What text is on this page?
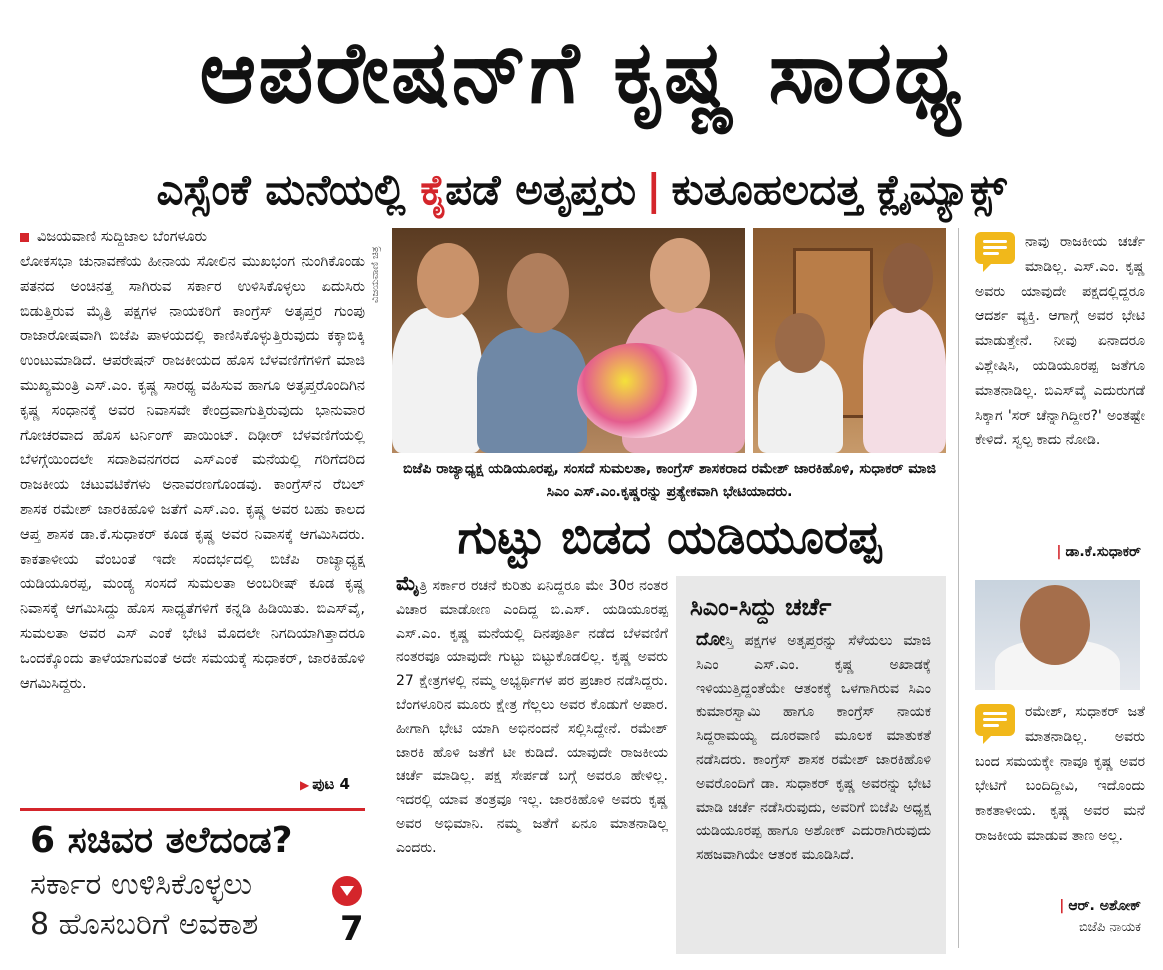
ಆಪರೇಷನ್‌ಗೆ ಕೃಷ್ಣ ಸಾರಥ್ಯ
ಎಸ್ಸೆಂಕೆ ಮನೆಯಲ್ಲಿ ಕೈಪಡೆ ಅತೃಪ್ತರು | ಕುತೂಹಲದತ್ತ ಕ್ಲೈಮ್ಯಾಕ್ಸ್
ವಿಜಯವಾಣಿ ಸುದ್ದಿಜಾಲ ಬೆಂಗಳೂರು

ಲೋಕಸಭಾ ಚುನಾವಣೆಯ ಹೀನಾಯ ಸೋಲಿನ ಮುಖಭಂಗ ನುಂಗಿಕೊಂಡು ಪತನದ ಅಂಚಿನತ್ತ ಸಾಗಿರುವ ಸರ್ಕಾರ ಉಳಿಸಿಕೊಳ್ಳಲು ಏದುಸಿರು ಬಿಡುತ್ತಿರುವ ಮೈತ್ರಿ ಪಕ್ಷಗಳ ನಾಯಕರಿಗೆ ಕಾಂಗ್ರೆಸ್ ಅತೃಪ್ತರ ಗುಂಪು ರಾಜಾರೋಷವಾಗಿ ಬಿಜೆಪಿ ಪಾಳಯದಲ್ಲಿ ಕಾಣಿಸಿಕೊಳ್ಳುತ್ತಿರುವುದು ಕಕ್ಕಾಬಿಕ್ಕಿ ಉಂಟುಮಾಡಿದೆ. ಆಪರೇಷನ್ ರಾಜಕೀಯದ ಹೊಸ ಬೆಳವಣಿಗೆಗಳಿಗೆ ಮಾಜಿ ಮುಖ್ಯಮಂತ್ರಿ ಎಸ್.ಎಂ. ಕೃಷ್ಣ ಸಾರಥ್ಯ ವಹಿಸುವ ಹಾಗೂ ಅತೃಪ್ತರೊಂದಿಗಿನ ಕೃಷ್ಣ ಸಂಧಾನಕ್ಕೆ ಅವರ ನಿವಾಸವೇ ಕೇಂದ್ರವಾಗುತ್ತಿರುವುದು ಭಾನುವಾರ ಗೋಚರವಾದ ಹೊಸ ಟರ್ನಿಂಗ್ ಪಾಯಿಂಟ್. ದಿಢೀರ್ ಬೆಳವಣಿಗೆಯಲ್ಲಿ ಬೆಳಗ್ಗೆಯಿಂದಲೇ ಸದಾಶಿವನಗರದ ಎಸ್‌ಎಂಕೆ ಮನೆಯಲ್ಲಿ ಗರಿಗೆದರಿದ ರಾಜಕೀಯ ಚಟುವಟಿಕೆಗಳು ಅನಾವರಣಗೊಂಡವು. ಕಾಂಗ್ರೆಸ್‌ನ ರೆಬಲ್ ಶಾಸಕ ರಮೇಶ್ ಜಾರಕಿಹೊಳಿ ಜತೆಗೆ ಎಸ್.ಎಂ. ಕೃಷ್ಣ ಅವರ ಬಹು ಕಾಲದ ಆಪ್ತ ಶಾಸಕ ಡಾ.ಕೆ.ಸುಧಾಕರ್ ಕೂಡ ಕೃಷ್ಣ ಅವರ ನಿವಾಸಕ್ಕೆ ಆಗಮಿಸಿದರು. ಕಾಕತಾಳೀಯ ವೆಂಬಂತೆ ಇದೇ ಸಂದರ್ಭದಲ್ಲಿ ಬಿಜೆಪಿ ರಾಜ್ಯಾಧ್ಯಕ್ಷ ಯಡಿಯೂರಪ್ಪ, ಮಂಡ್ಯ ಸಂಸದೆ ಸುಮಲತಾ ಅಂಬರೀಷ್ ಕೂಡ ಕೃಷ್ಣ ನಿವಾಸಕ್ಕೆ ಆಗಮಿಸಿದ್ದು ಹೊಸ ಸಾಧ್ಯತೆಗಳಿಗೆ ಕನ್ನಡಿ ಹಿಡಿಯಿತು. ಬಿಎಸ್‌ವೈ, ಸುಮಲತಾ ಅವರ ಎಸ್ ಎಂಕೆ ಭೇಟಿ ಮೊದಲೇ ನಿಗದಿಯಾಗಿತ್ತಾದರೂ ಒಂದಕ್ಕೊಂದು ತಾಳೆಯಾಗುವಂತೆ ಅದೇ ಸಮಯಕ್ಕೆ ಸುಧಾಕರ್, ಜಾರಕಿಹೊಳಿ ಆಗಮಿಸಿದ್ದರು.

▶ ಪುಟ 4
6 ಸಚಿವರ ತಲೆದಂಡ?
ಸರ್ಕಾರ ಉಳಿಸಿಕೊಳ್ಳಲು
8 ಹೊಸಬರಿಗೆ ಅವಕಾಶ 7
ವಿಜಯವಾಣಿ ಚಿತ್ರ
ಬಿಜೆಪಿ ರಾಜ್ಯಾಧ್ಯಕ್ಷ ಯಡಿಯೂರಪ್ಪ, ಸಂಸದೆ ಸುಮಲತಾ, ಕಾಂಗ್ರೆಸ್ ಶಾಸಕರಾದ ರಮೇಶ್ ಜಾರಕಿಹೊಳಿ, ಸುಧಾಕರ್ ಮಾಜಿ ಸಿಎಂ ಎಸ್.ಎಂ.ಕೃಷ್ಣರನ್ನು ಪ್ರತ್ಯೇಕವಾಗಿ ಭೇಟಿಯಾದರು.
ಗುಟ್ಟು ಬಿಡದ ಯಡಿಯೂರಪ್ಪ

ಮೈತ್ರಿ ಸರ್ಕಾರ ರಚನೆ ಕುರಿತು ಏನಿದ್ದರೂ ಮೇ 30ರ ನಂತರ ವಿಚಾರ ಮಾಡೋಣ ಎಂದಿದ್ದ ಬಿ.ಎಸ್. ಯಡಿಯೂರಪ್ಪ ಎಸ್.ಎಂ. ಕೃಷ್ಣ ಮನೆಯಲ್ಲಿ ದಿನಪೂರ್ತಿ ನಡೆದ ಬೆಳವಣಿಗೆ ನಂತರವೂ ಯಾವುದೇ ಗುಟ್ಟು ಬಿಟ್ಟುಕೊಡಲಿಲ್ಲ. ಕೃಷ್ಣ ಅವರು 27 ಕ್ಷೇತ್ರಗಳಲ್ಲಿ ನಮ್ಮ ಅಭ್ಯರ್ಥಿಗಳ ಪರ ಪ್ರಚಾರ ನಡೆಸಿದ್ದರು. ಬೆಂಗಳೂರಿನ ಮೂರು ಕ್ಷೇತ್ರ ಗೆಲ್ಲಲು ಅವರ ಕೊಡುಗೆ ಅಪಾರ. ಹೀಗಾಗಿ ಭೇಟಿ ಯಾಗಿ ಅಭಿನಂದನೆ ಸಲ್ಲಿಸಿದ್ದೇನೆ. ರಮೇಶ್ ಜಾರಕಿ ಹೊಳಿ ಜತೆಗೆ ಟೀ ಕುಡಿದೆ. ಯಾವುದೇ ರಾಜಕೀಯ ಚರ್ಚೆ ಮಾಡಿಲ್ಲ. ಪಕ್ಷ ಸೇರ್ಪಡೆ ಬಗ್ಗೆ ಅವರೂ ಹೇಳಿಲ್ಲ. ಇದರಲ್ಲಿ ಯಾವ ತಂತ್ರವೂ ಇಲ್ಲ. ಜಾರಕಿಹೊಳಿ ಅವರು ಕೃಷ್ಣ ಅವರ ಅಭಿಮಾನಿ. ನಮ್ಮ ಜತೆಗೆ ಏನೂ ಮಾತನಾಡಿಲ್ಲ ಎಂದರು.

ಸಿಎಂ-ಸಿದ್ದು ಚರ್ಚೆ
ದೋಸ್ತಿ ಪಕ್ಷಗಳ ಅತೃಪ್ತರನ್ನು ಸೆಳೆಯಲು ಮಾಜಿ ಸಿಎಂ ಎಸ್.ಎಂ. ಕೃಷ್ಣ ಅಖಾಡಕ್ಕೆ ಇಳಿಯುತ್ತಿದ್ದಂತೆಯೇ ಆತಂಕಕ್ಕೆ ಒಳಗಾಗಿರುವ ಸಿಎಂ ಕುಮಾರಸ್ವಾಮಿ ಹಾಗೂ ಕಾಂಗ್ರೆಸ್ ನಾಯಕ ಸಿದ್ದರಾಮಯ್ಯ ದೂರವಾಣಿ ಮೂಲಕ ಮಾತುಕತೆ ನಡೆಸಿದರು. ಕಾಂಗ್ರೆಸ್ ಶಾಸಕ ರಮೇಶ್ ಜಾರಕಿಹೊಳಿ ಅವರೊಂದಿಗೆ ಡಾ. ಸುಧಾಕರ್ ಕೃಷ್ಣ ಅವರನ್ನು ಭೇಟಿ ಮಾಡಿ ಚರ್ಚೆ ನಡೆಸಿರುವುದು, ಅವರಿಗೆ ಬಿಜೆಪಿ ಅಧ್ಯಕ್ಷ ಯಡಿಯೂರಪ್ಪ ಹಾಗೂ ಅಶೋಕ್ ಎದುರಾಗಿರುವುದು ಸಹಜವಾಗಿಯೇ ಆತಂಕ ಮೂಡಿಸಿದೆ.
ನಾವು ರಾಜಕೀಯ ಚರ್ಚೆ ಮಾಡಿಲ್ಲ. ಎಸ್.ಎಂ. ಕೃಷ್ಣ ಅವರು ಯಾವುದೇ ಪಕ್ಷದಲ್ಲಿದ್ದರೂ ಆದರ್ಶ ವ್ಯಕ್ತಿ. ಆಗಾಗ್ಗೆ ಅವರ ಭೇಟಿ ಮಾಡುತ್ತೇನೆ. ನೀವು ಏನಾದರೂ ವಿಶ್ಲೇಷಿಸಿ, ಯಡಿಯೂರಪ್ಪ ಜತೆಗೂ ಮಾತನಾಡಿಲ್ಲ. ಬಿಎಸ್‌ವೈ ಎದುರುಗಡೆ ಸಿಕ್ಕಾಗ 'ಸರ್ ಚೆನ್ನಾಗಿದ್ದೀರ?' ಅಂತಷ್ಟೇ ಕೇಳಿದೆ. ಸ್ವಲ್ಪ ಕಾದು ನೋಡಿ.
| ಡಾ.ಕೆ.ಸುಧಾಕರ್
ರಮೇಶ್, ಸುಧಾಕರ್ ಜತೆ ಮಾತನಾಡಿಲ್ಲ. ಅವರು ಬಂದ ಸಮಯಕ್ಕೇ ನಾವೂ ಕೃಷ್ಣ ಅವರ ಭೇಟಿಗೆ ಬಂದಿದ್ದೀವಿ, ಇದೊಂದು ಕಾಕತಾಳೀಯ. ಕೃಷ್ಣ ಅವರ ಮನೆ ರಾಜಕೀಯ ಮಾಡುವ ತಾಣ ಅಲ್ಲ.
| ಆರ್. ಅಶೋಕ್
ಬಿಜೆಪಿ ನಾಯಕ
